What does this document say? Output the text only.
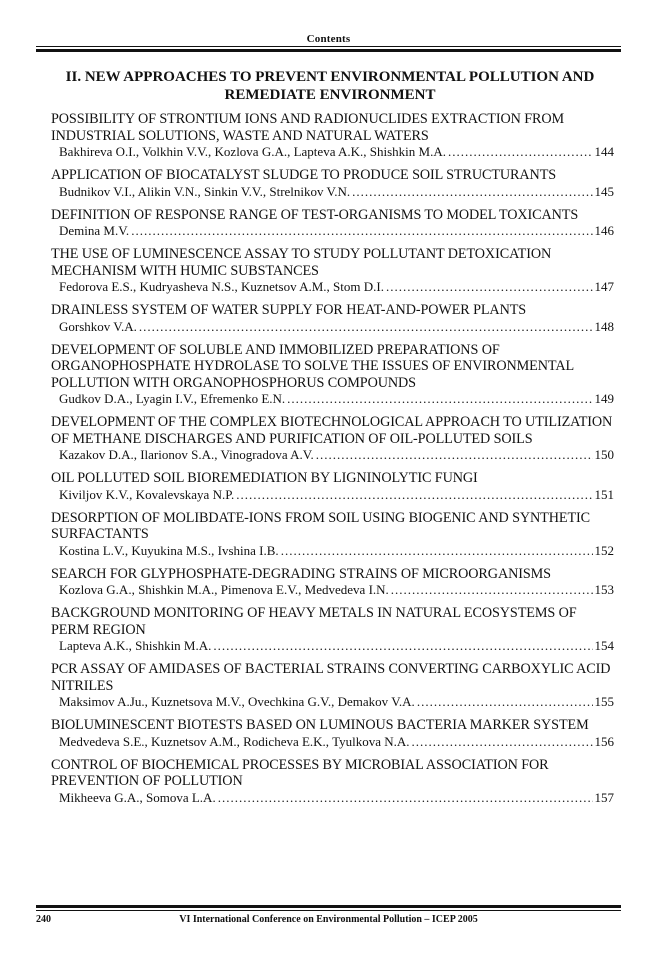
Contents
II. NEW APPROACHES TO PREVENT ENVIRONMENTAL POLLUTION AND
REMEDIATE ENVIRONMENT
POSSIBILITY OF STRONTIUM IONS AND RADIONUCLIDES EXTRACTION FROM INDUSTRIAL SOLUTIONS, WASTE AND NATURAL WATERS
Bakhireva O.I., Volkhin V.V., Kozlova G.A., Lapteva A.K., Shishkin M.A. .....	144
APPLICATION OF BIOCATALYST SLUDGE TO PRODUCE SOIL STRUCTURANTS
Budnikov V.I., Alikin V.N., Sinkin V.V., Strelnikov V.N. .....	145
DEFINITION OF RESPONSE RANGE OF TEST-ORGANISMS TO MODEL TOXICANTS
Demina M.V. .....	146
THE USE OF LUMINESCENCE ASSAY TO STUDY POLLUTANT DETOXICATION MECHANISM WITH HUMIC SUBSTANCES
Fedorova E.S., Kudryasheva N.S., Kuznetsov A.M., Stom D.I. .....	147
DRAINLESS SYSTEM OF WATER SUPPLY FOR HEAT-AND-POWER PLANTS
Gorshkov V.A. .....	148
DEVELOPMENT OF SOLUBLE AND IMMOBILIZED PREPARATIONS OF ORGANOPHOSPHATE HYDROLASE TO SOLVE THE ISSUES OF ENVIRONMENTAL POLLUTION WITH ORGANOPHOSPHORUS COMPOUNDS
Gudkov D.A., Lyagin I.V., Efremenko E.N. .....	149
DEVELOPMENT OF THE COMPLEX BIOTECHNOLOGICAL APPROACH TO UTILIZATION OF METHANE DISCHARGES AND PURIFICATION OF OIL-POLLUTED SOILS
Kazakov D.A., Ilarionov S.A., Vinogradova A.V. .....	150
OIL POLLUTED SOIL BIOREMEDIATION BY LIGNINOLYTIC FUNGI
Kiviljov K.V., Kovalevskaya N.P. .....	151
DESORPTION OF MOLIBDATE-IONS FROM SOIL USING BIOGENIC AND SYNTHETIC SURFACTANTS
Kostina L.V., Kuyukina M.S., Ivshina I.B. .....	152
SEARCH FOR GLYPHOSPHATE-DEGRADING STRAINS OF MICROORGANISMS
Kozlova G.A., Shishkin M.A., Pimenova E.V., Medvedeva I.N. .....	153
BACKGROUND MONITORING OF HEAVY METALS IN NATURAL ECOSYSTEMS OF PERM REGION
Lapteva A.K., Shishkin M.A. .....	154
PCR ASSAY OF AMIDASES OF BACTERIAL STRAINS CONVERTING CARBOXYLIC ACID NITRILES
Maksimov A.Ju., Kuznetsova M.V., Ovechkina G.V., Demakov V.A. .....	155
BIOLUMINESCENT BIOTESTS BASED ON LUMINOUS BACTERIA MARKER SYSTEM
Medvedeva S.E., Kuznetsov A.M., Rodicheva E.K., Tyulkova N.A. .....	156
CONTROL OF BIOCHEMICAL PROCESSES BY MICROBIAL ASSOCIATION FOR PREVENTION OF POLLUTION
Mikheeva G.A., Somova L.A. .....	157
VI International Conference on Environmental Pollution – ICEP 2005
240
